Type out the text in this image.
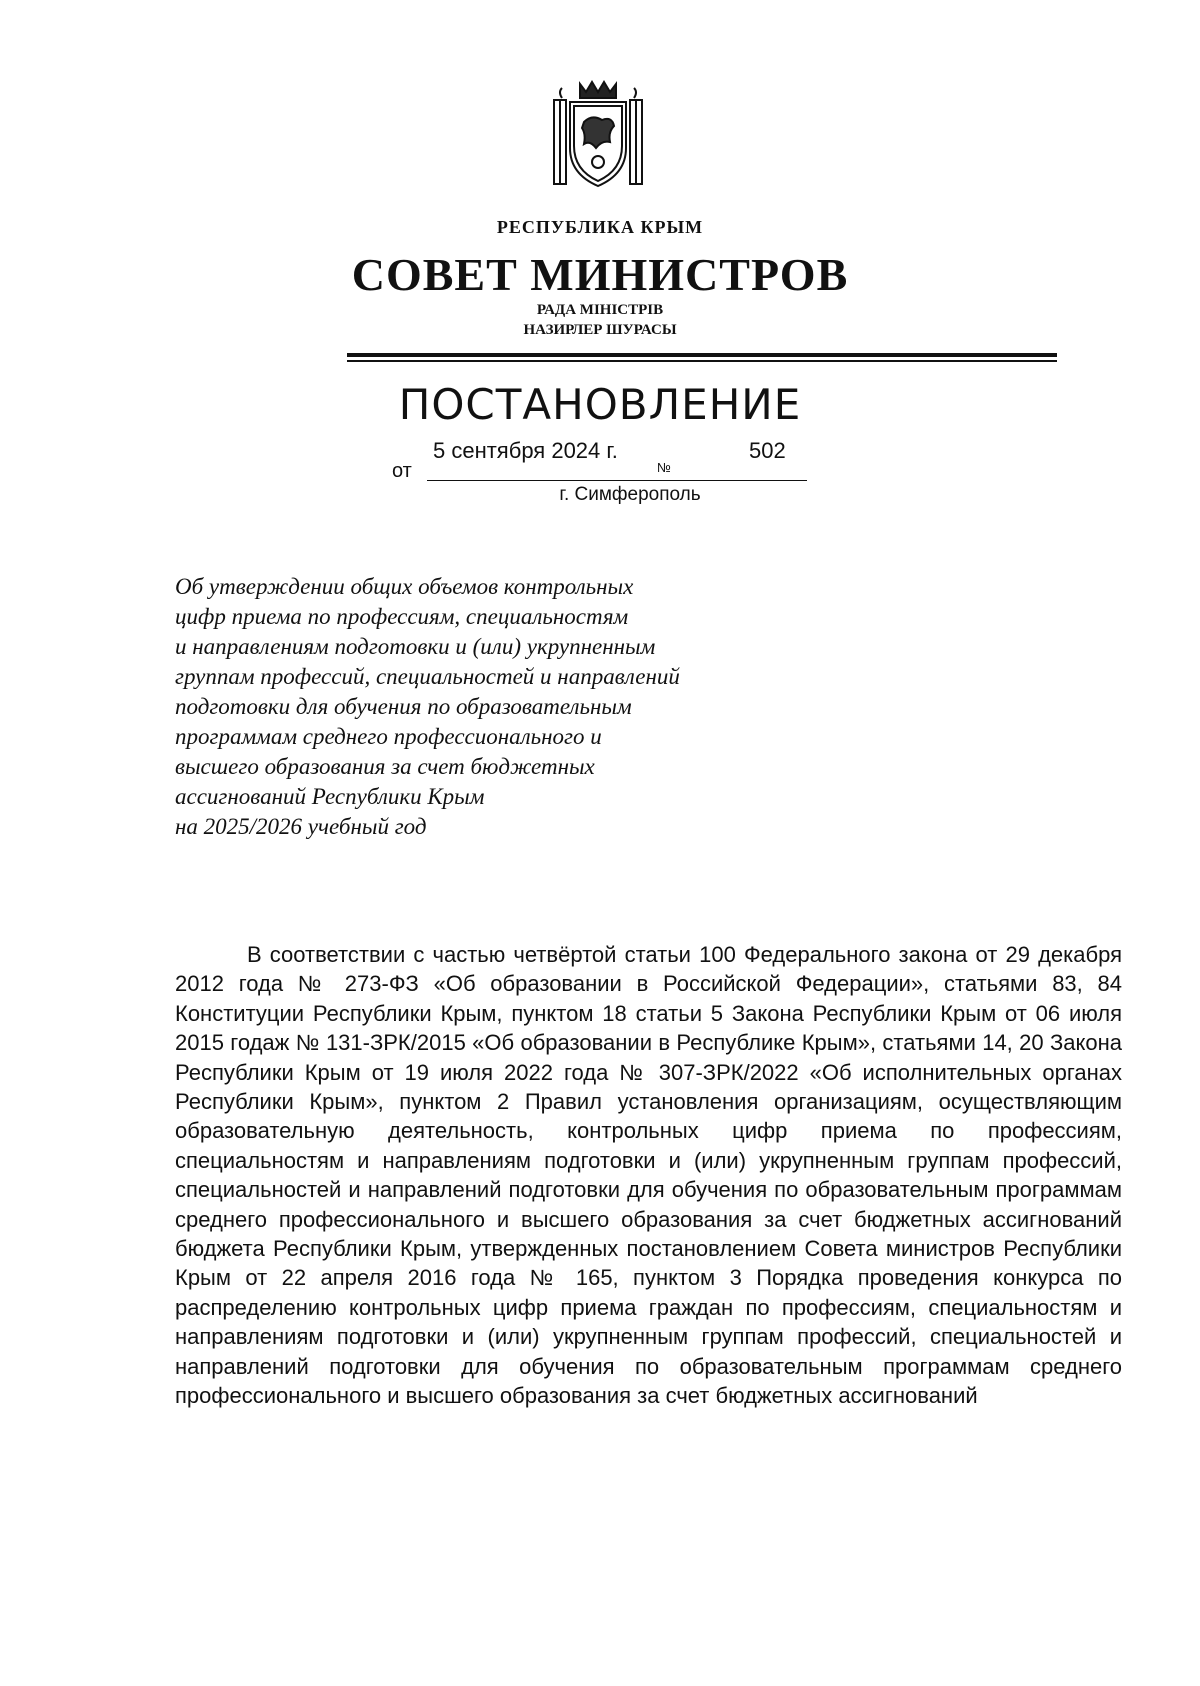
РЕСПУБЛИКА КРЫМ
СОВЕТ МИНИСТРОВ
РАДА МІНІСТРІВ
НАЗИРЛЕР ШУРАСЫ
ПОСТАНОВЛЕНИЕ
от
5 сентября 2024 г.
№
502
г. Симферополь
Об утверждении общих объемов контрольных
цифр приема по профессиям, специальностям
и направлениям подготовки и (или) укрупненным
группам профессий, специальностей и направлений
подготовки для обучения по образовательным
программам среднего профессионального и
высшего образования за счет бюджетных
ассигнований Республики Крым
на 2025/2026 учебный год
В соответствии с частью четвёртой статьи 100 Федерального закона от 29 декабря 2012 года № 273-ФЗ «Об образовании в Российской Федерации», статьями 83, 84 Конституции Республики Крым, пунктом 18 статьи 5 Закона Республики Крым от 06 июля 2015 годаж № 131-ЗРК/2015 «Об образовании в Республике Крым», статьями 14, 20 Закона Республики Крым от 19 июля 2022 года № 307-ЗРК/2022 «Об исполнительных органах Республики Крым», пунктом 2 Правил установления организациям, осуществляющим образовательную деятельность, контрольных цифр приема по профессиям, специальностям и направлениям подготовки и (или) укрупненным группам профессий, специальностей и направлений подготовки для обучения по образовательным программам среднего профессионального и высшего образования за счет бюджетных ассигнований бюджета Республики Крым, утвержденных постановлением Совета министров Республики Крым от 22 апреля 2016 года № 165, пунктом 3 Порядка проведения конкурса по распределению контрольных цифр приема граждан по профессиям, специальностям и направлениям подготовки и (или) укрупненным группам профессий, специальностей и направлений подготовки для обучения по образовательным программам среднего профессионального и высшего образования за счет бюджетных ассигнований
